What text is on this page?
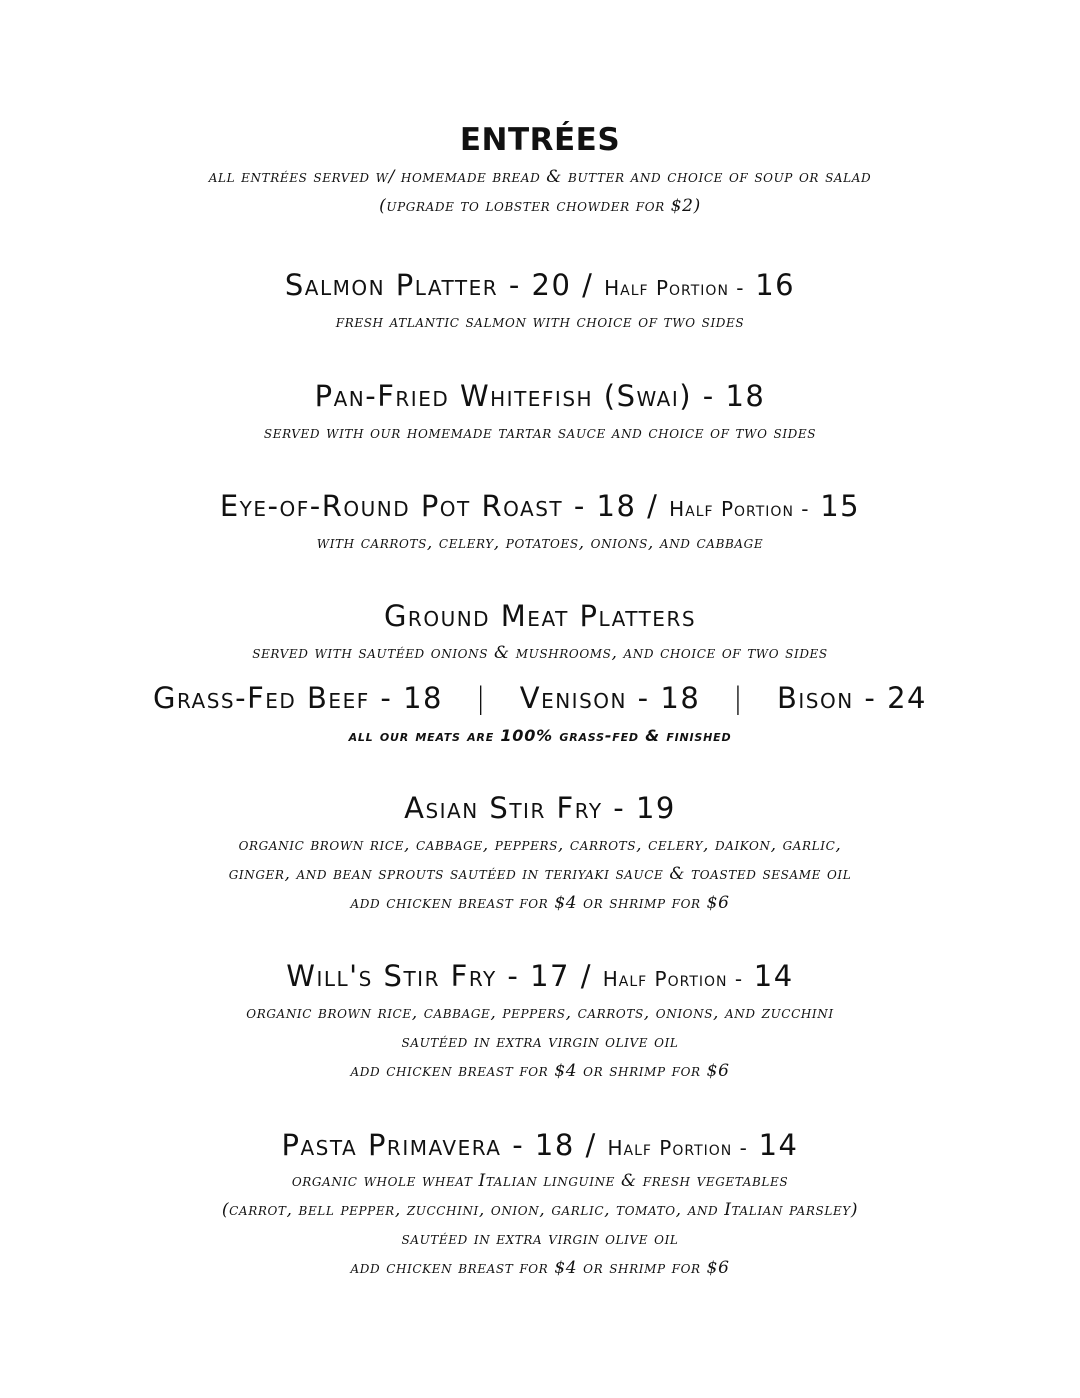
ENTRÉES
all entrées served w/ homemade bread & butter and choice of soup or salad
(upgrade to lobster chowder for $2)
Salmon Platter - 20 / Half Portion - 16
fresh atlantic salmon with choice of two sides
Pan-Fried Whitefish (Swai) - 18
served with our homemade tartar sauce and choice of two sides
Eye-of-Round Pot Roast - 18 / Half Portion - 15
with carrots, celery, potatoes, onions, and cabbage
Ground Meat Platters
served with sautéed onions & mushrooms, and choice of two sides
Grass-Fed Beef - 18 | Venison - 18 | Bison - 24
all our meats are 100% grass-fed & finished
Asian Stir Fry - 19
organic brown rice, cabbage, peppers, carrots, celery, daikon, garlic,
ginger, and bean sprouts sautéed in teriyaki sauce & toasted sesame oil
add chicken breast for $4 or shrimp for $6
Will's Stir Fry - 17 / Half Portion - 14
organic brown rice, cabbage, peppers, carrots, onions, and zucchini
sautéed in extra virgin olive oil
add chicken breast for $4 or shrimp for $6
Pasta Primavera - 18 / Half Portion - 14
organic whole wheat Italian linguine & fresh vegetables
(carrot, bell pepper, zucchini, onion, garlic, tomato, and Italian parsley)
sautéed in extra virgin olive oil
add chicken breast for $4 or shrimp for $6
